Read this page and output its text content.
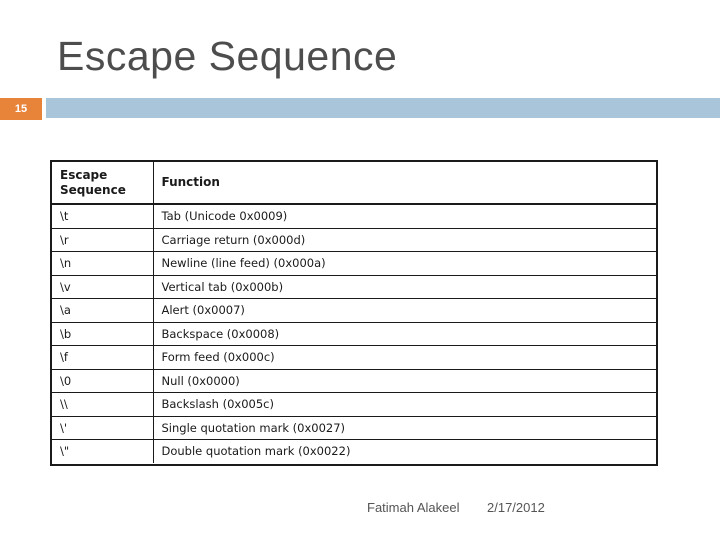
Escape Sequence
15
Escape
Sequence	Function
\t	Tab (Unicode 0x0009)
\r	Carriage return (0x000d)
\n	Newline (line feed) (0x000a)
\v	Vertical tab (0x000b)
\a	Alert (0x0007)
\b	Backspace (0x0008)
\f	Form feed (0x000c)
\0	Null (0x0000)
\\	Backslash (0x005c)
\'	Single quotation mark (0x0027)
\"	Double quotation mark (0x0022)
Fatimah Alakeel 2/17/2012
